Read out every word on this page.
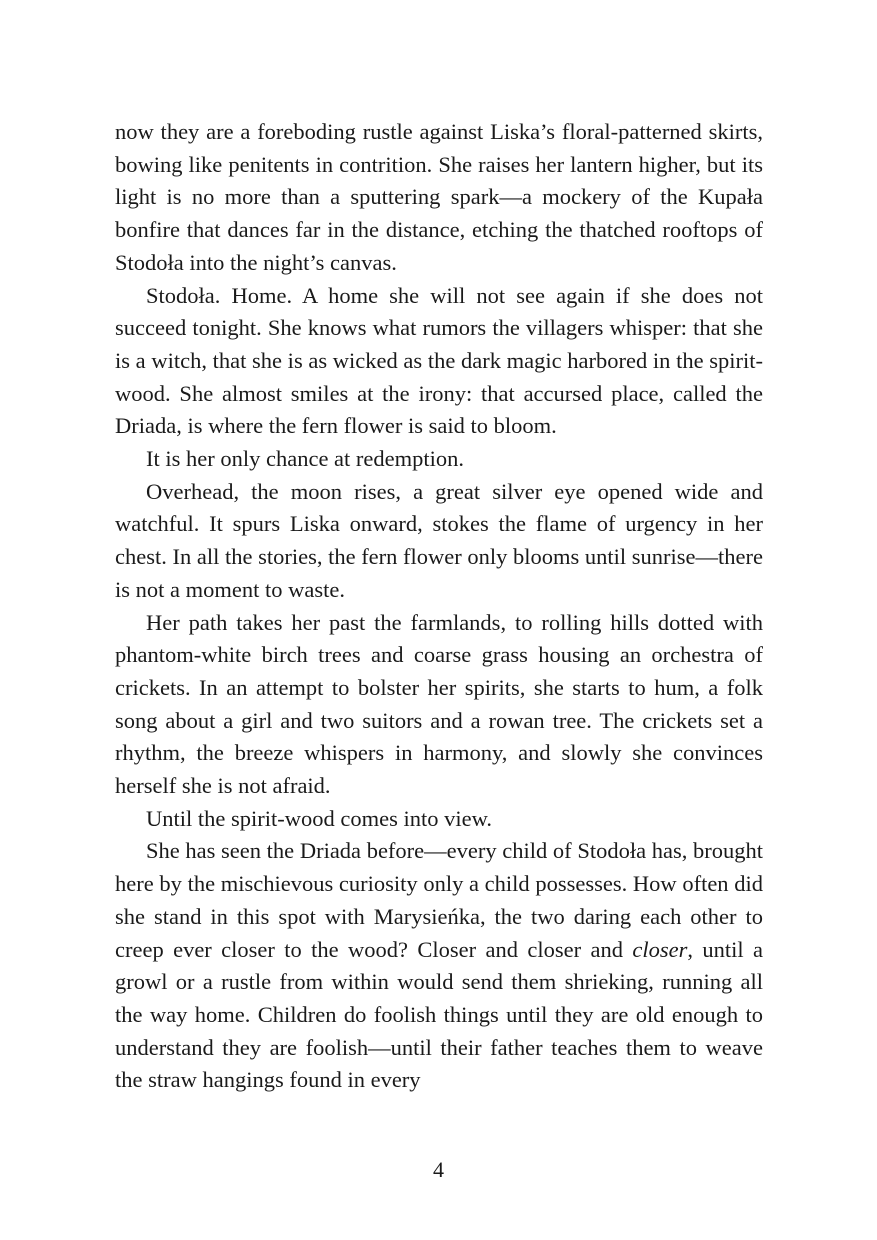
now they are a foreboding rustle against Liska’s floral-patterned skirts, bowing like penitents in contrition. She raises her lantern higher, but its light is no more than a sputtering spark—a mockery of the Kupała bonfire that dances far in the distance, etching the thatched rooftops of Stodoła into the night’s canvas.

Stodoła. Home. A home she will not see again if she does not succeed tonight. She knows what rumors the villagers whisper: that she is a witch, that she is as wicked as the dark magic harbored in the spirit-wood. She almost smiles at the irony: that accursed place, called the Driada, is where the fern flower is said to bloom.

It is her only chance at redemption.

Overhead, the moon rises, a great silver eye opened wide and watchful. It spurs Liska onward, stokes the flame of urgency in her chest. In all the stories, the fern flower only blooms until sunrise—there is not a moment to waste.

Her path takes her past the farmlands, to rolling hills dotted with phantom-white birch trees and coarse grass housing an orchestra of crickets. In an attempt to bolster her spirits, she starts to hum, a folk song about a girl and two suitors and a rowan tree. The crickets set a rhythm, the breeze whispers in harmony, and slowly she convinces herself she is not afraid.

Until the spirit-wood comes into view.

She has seen the Driada before—every child of Stodoła has, brought here by the mischievous curiosity only a child possesses. How often did she stand in this spot with Marysieńka, the two daring each other to creep ever closer to the wood? Closer and closer and closer, until a growl or a rustle from within would send them shrieking, running all the way home. Children do foolish things until they are old enough to understand they are foolish—until their father teaches them to weave the straw hangings found in every

4
